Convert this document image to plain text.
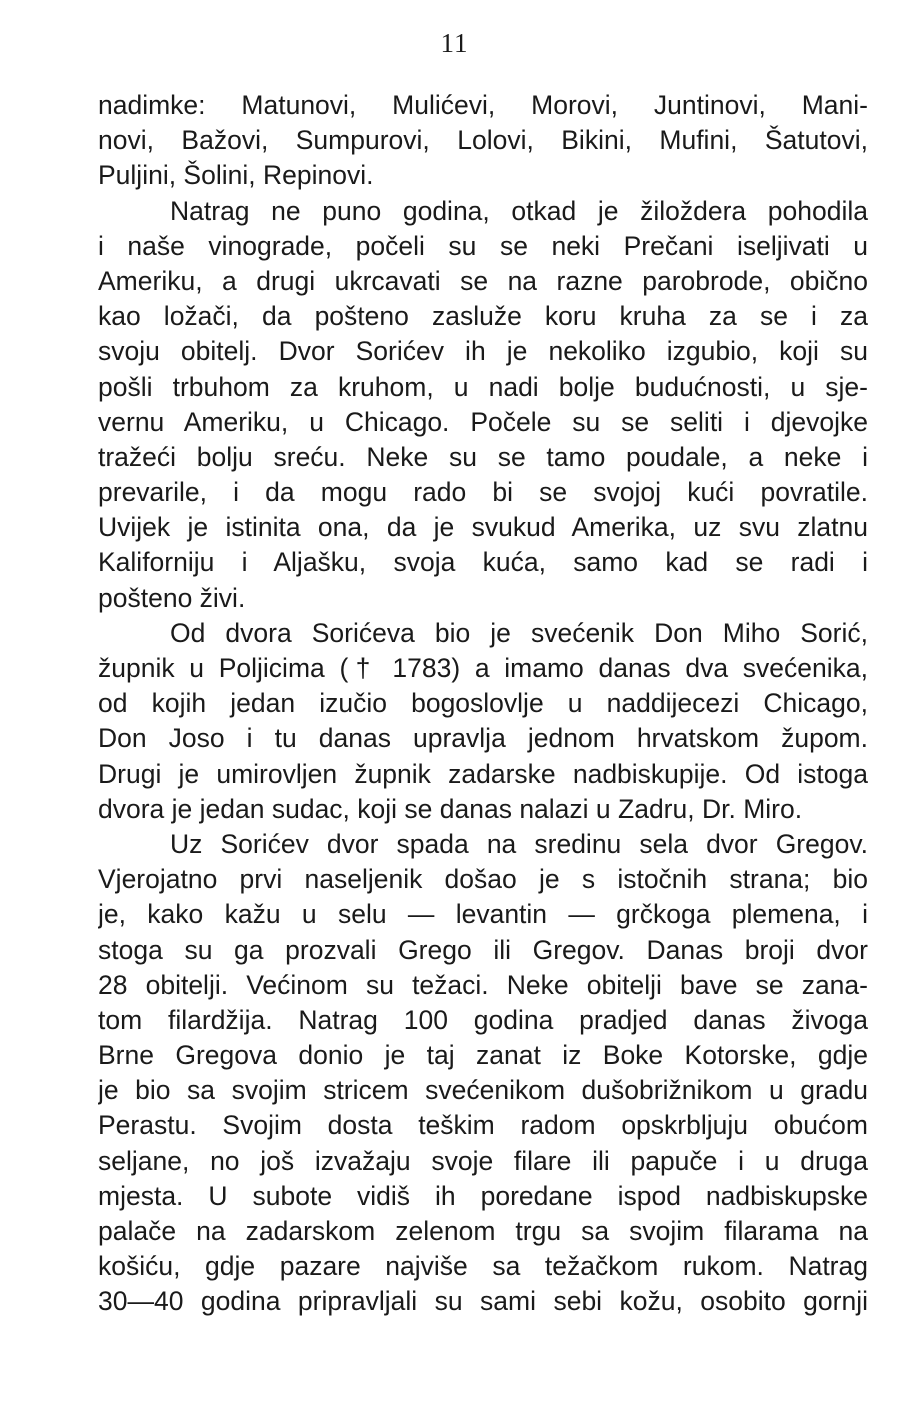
11
nadimke: Matunovi, Mulićevi, Morovi, Juntinovi, Mani-
novi, Bažovi, Sumpurovi, Lolovi, Bikini, Mufini, Šatutovi,
Puljini, Šolini, Repinovi.
Natrag ne puno godina, otkad je žiloždera pohodila
i naše vinograde, počeli su se neki Prečani iseljivati u
Ameriku, a drugi ukrcavati se na razne parobrode, obično
kao ložači, da pošteno zasluže koru kruha za se i za
svoju obitelj. Dvor Sorićev ih je nekoliko izgubio, koji su
pošli trbuhom za kruhom, u nadi bolje budućnosti, u sje-
vernu Ameriku, u Chicago. Počele su se seliti i djevojke
tražeći bolju sreću. Neke su se tamo poudale, a neke i
prevarile, i da mogu rado bi se svojoj kući povratile.
Uvijek je istinita ona, da je svukud Amerika, uz svu zlatnu
Kaliforniju i Aljašku, svoja kuća, samo kad se radi i
pošteno živi.
Od dvora Sorićeva bio je svećenik Don Miho Sorić,
župnik u Poljicima († 1783) a imamo danas dva svećenika,
od kojih jedan izučio bogoslovlje u naddijecezi Chicago,
Don Joso i tu danas upravlja jednom hrvatskom župom.
Drugi je umirovljen župnik zadarske nadbiskupije. Od istoga
dvora je jedan sudac, koji se danas nalazi u Zadru, Dr. Miro.
Uz Sorićev dvor spada na sredinu sela dvor Gregov.
Vjerojatno prvi naseljenik došao je s istočnih strana; bio
je, kako kažu u selu — levantin — grčkoga plemena, i
stoga su ga prozvali Grego ili Gregov. Danas broji dvor
28 obitelji. Većinom su težaci. Neke obitelji bave se zana-
tom filardžija. Natrag 100 godina pradjed danas živoga
Brne Gregova donio je taj zanat iz Boke Kotorske, gdje
je bio sa svojim stricem svećenikom dušobrižnikom u gradu
Perastu. Svojim dosta teškim radom opskrbljuju obućom
seljane, no još izvažaju svoje filare ili papuče i u druga
mjesta. U subote vidiš ih poredane ispod nadbiskupske
palače na zadarskom zelenom trgu sa svojim filarama na
košiću, gdje pazare najviše sa težačkom rukom. Natrag
30—40 godina pripravljali su sami sebi kožu, osobito gornji
